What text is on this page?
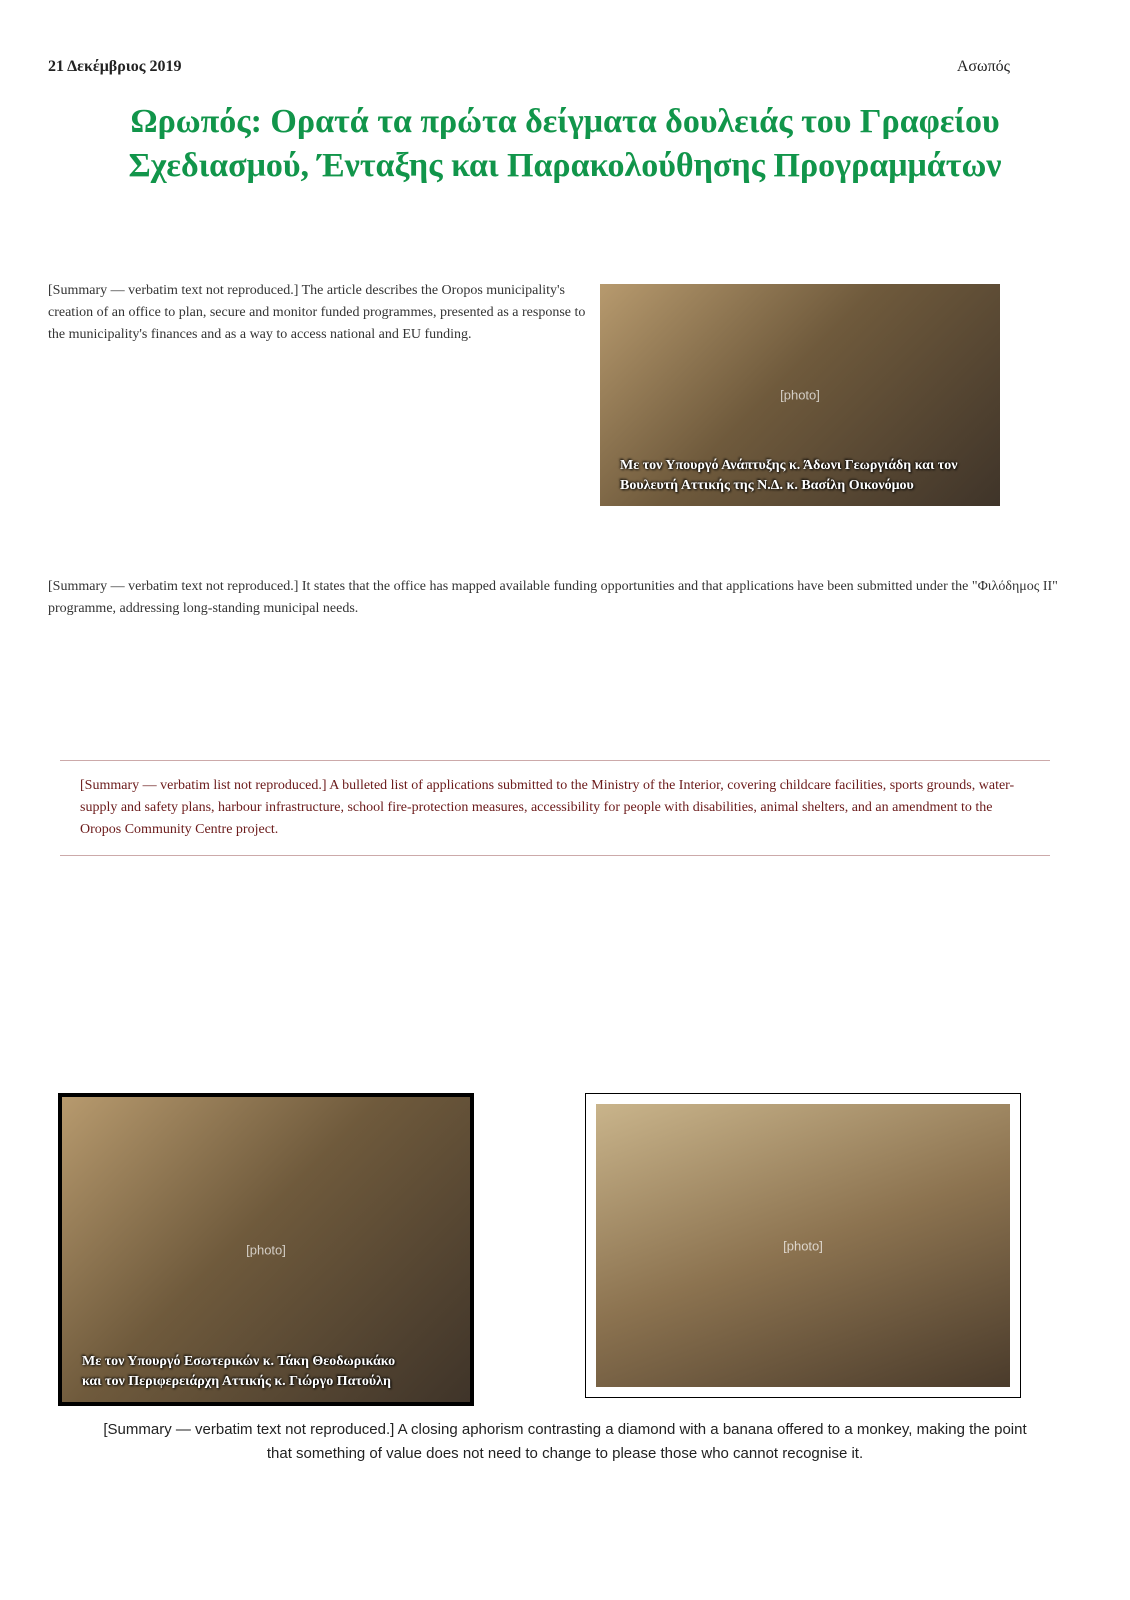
21 Δεκέμβριος 2019	Ασωπός
Ωρωπός: Ορατά τα πρώτα δείγματα δουλειάς του Γραφείου
Σχεδιασμού, Ένταξης και Παρακολούθησης Προγραμμάτων

[Summary — verbatim text not reproduced.] The article describes the Oropos municipality's creation of an office to plan, secure and monitor funded programmes, presented as a response to the municipality's finances and as a way to access national and EU funding.

[Summary — verbatim text not reproduced.] It states that the office has mapped available funding opportunities and that applications have been submitted under the "Φιλόδημος ΙΙ" programme, addressing long-standing municipal needs.

[Summary — verbatim list not reproduced.] A bulleted list of applications submitted to the Ministry of the Interior, covering childcare facilities, sports grounds, water-supply and safety plans, harbour infrastructure, school fire-protection measures, accessibility for people with disabilities, animal shelters, and an amendment to the Oropos Community Centre project.
[photo]
Με τον Υπουργό Ανάπτυξης κ. Άδωνι Γεωργιάδη και τον
Βουλευτή Αττικής της Ν.Δ. κ. Βασίλη Οικονόμου
[photo]
Με τον Υπουργό Εσωτερικών κ. Τάκη Θεοδωρικάκο
και τον Περιφερειάρχη Αττικής κ. Γιώργο Πατούλη
[photo]
[Summary — verbatim text not reproduced.] A closing aphorism contrasting a diamond with a banana offered to a monkey, making the point that something of value does not need to change to please those who cannot recognise it.
